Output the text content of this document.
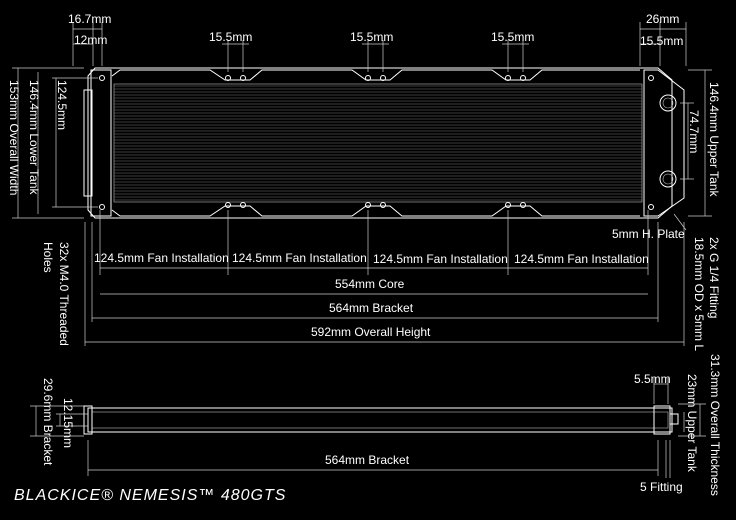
16.7mm
12mm	15.5mm	15.5mm	15.5mm
26mm
15.5mm
153mm Overall Width 146.4mm Lower Tank 124.5mm	146.4mm Upper Tank
74.7mm
5mm H. Plate
2x G 1/4 Fitting
18.5mm OD x 5mm L
32x M4.0 Threaded
Holes	124.5mm Fan Installation 124.5mm Fan Installation 124.5mm Fan Installation 124.5mm Fan Installation
554mm Core
564mm Bracket
592mm Overall Height
5.5mm
29.6mm Bracket 12.15mm
564mm Bracket	23mm Upper Tank 31.3mm Overall Thickness
5 Fitting
BLACKICE® NEMESIS™ 480GTS
